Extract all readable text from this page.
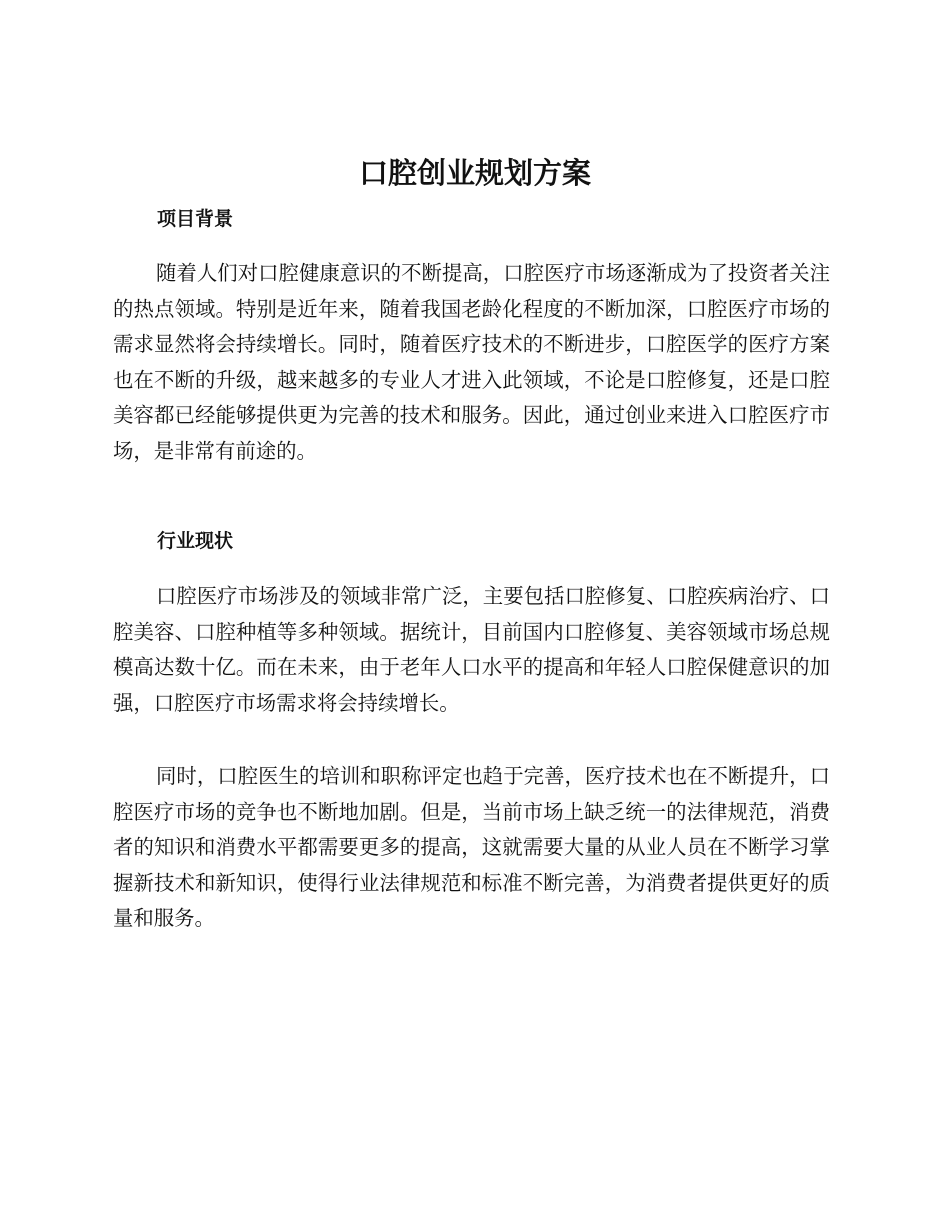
口腔创业规划方案
项目背景
随着人们对口腔健康意识的不断提高，口腔医疗市场逐渐成为了投资者关注的热点领域。特别是近年来，随着我国老龄化程度的不断加深，口腔医疗市场的需求显然将会持续增长。同时，随着医疗技术的不断进步，口腔医学的医疗方案也在不断的升级，越来越多的专业人才进入此领域，不论是口腔修复，还是口腔美容都已经能够提供更为完善的技术和服务。因此，通过创业来进入口腔医疗市场，是非常有前途的。
行业现状
口腔医疗市场涉及的领域非常广泛，主要包括口腔修复、口腔疾病治疗、口腔美容、口腔种植等多种领域。据统计，目前国内口腔修复、美容领域市场总规模高达数十亿。而在未来，由于老年人口水平的提高和年轻人口腔保健意识的加强，口腔医疗市场需求将会持续增长。
同时，口腔医生的培训和职称评定也趋于完善，医疗技术也在不断提升，口腔医疗市场的竞争也不断地加剧。但是，当前市场上缺乏统一的法律规范，消费者的知识和消费水平都需要更多的提高，这就需要大量的从业人员在不断学习掌握新技术和新知识，使得行业法律规范和标准不断完善，为消费者提供更好的质量和服务。
